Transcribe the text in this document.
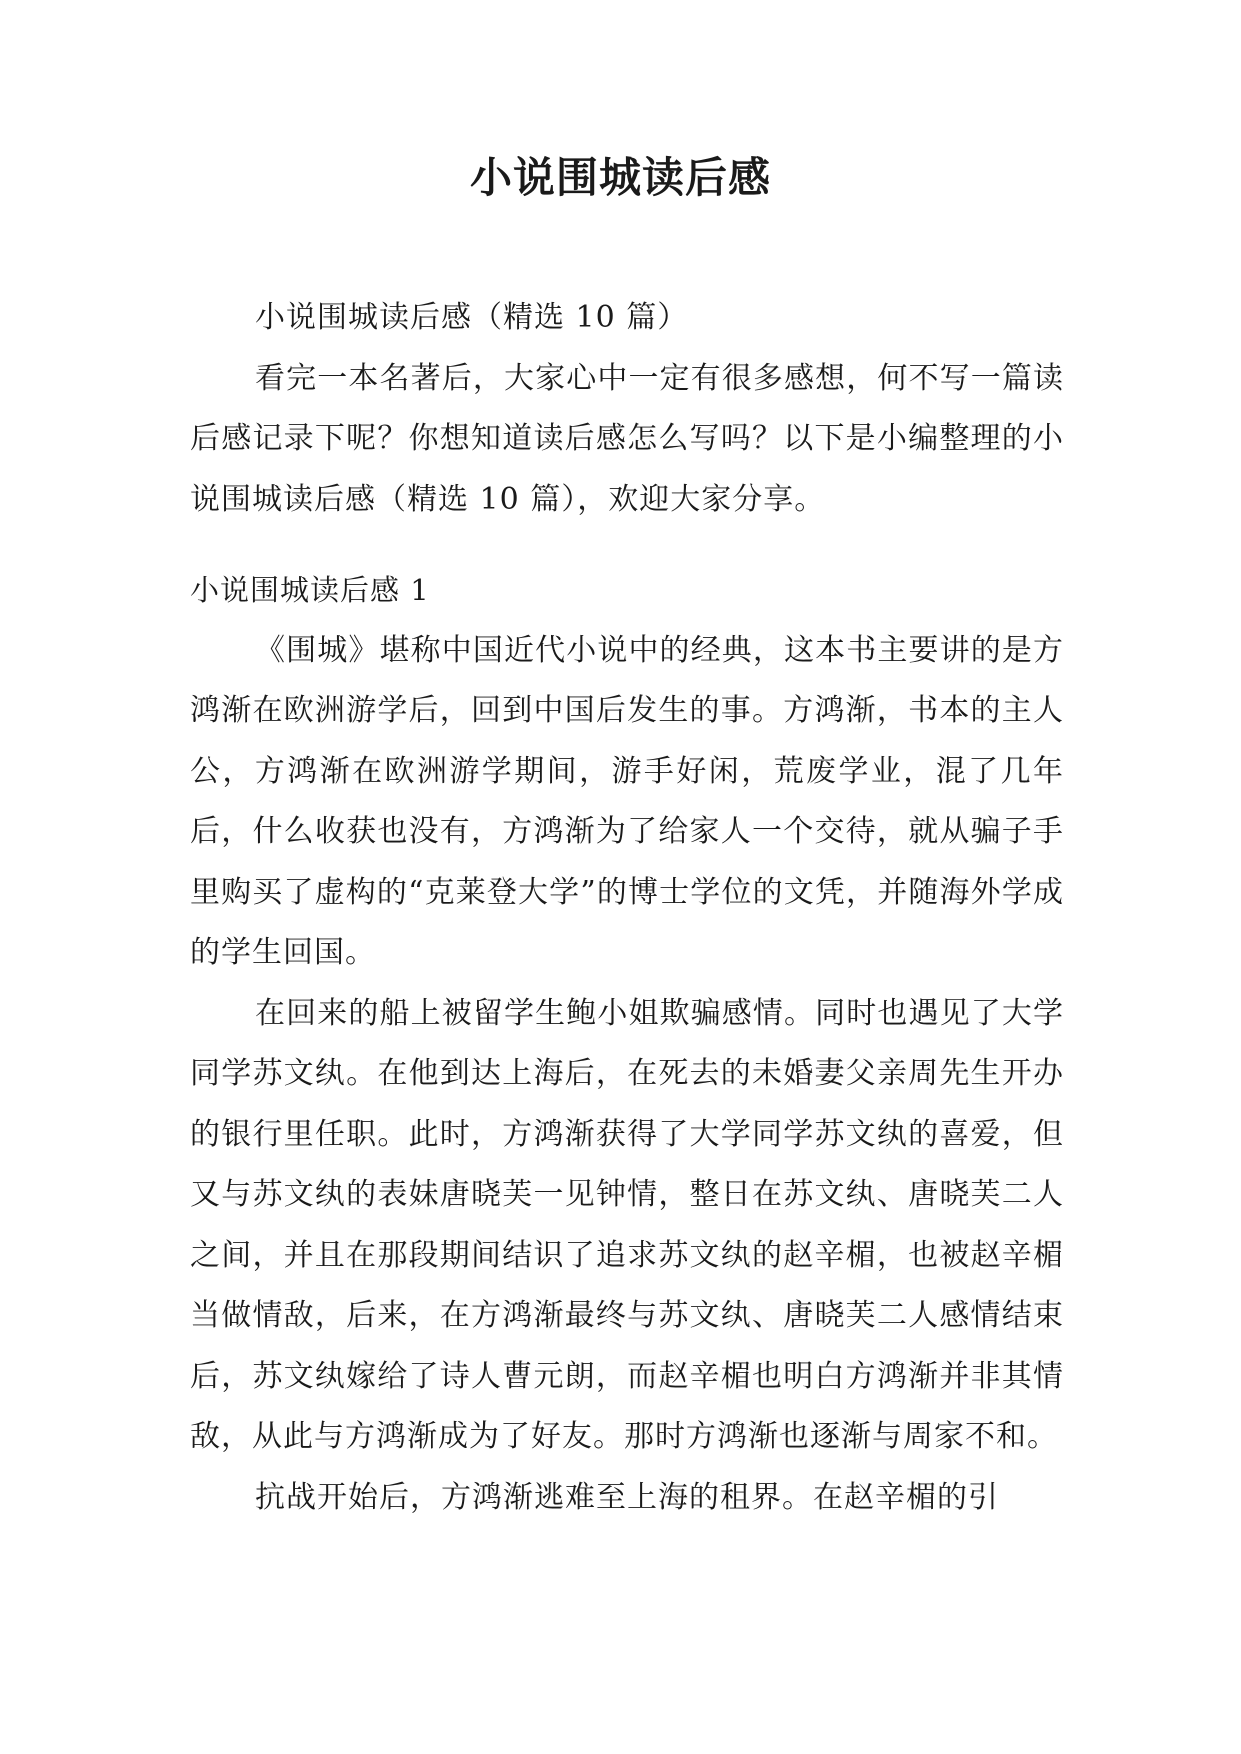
小说围城读后感

小说围城读后感（精选 10 篇）

看完一本名著后，大家心中一定有很多感想，何不写一篇读后感记录下呢？你想知道读后感怎么写吗？以下是小编整理的小说围城读后感（精选 10 篇），欢迎大家分享。

小说围城读后感 1

《围城》堪称中国近代小说中的经典，这本书主要讲的是方鸿渐在欧洲游学后，回到中国后发生的事。方鸿渐，书本的主人公，方鸿渐在欧洲游学期间，游手好闲，荒废学业，混了几年后，什么收获也没有，方鸿渐为了给家人一个交待，就从骗子手里购买了虚构的“克莱登大学”的博士学位的文凭，并随海外学成的学生回国。

在回来的船上被留学生鲍小姐欺骗感情。同时也遇见了大学同学苏文纨。在他到达上海后，在死去的未婚妻父亲周先生开办的银行里任职。此时，方鸿渐获得了大学同学苏文纨的喜爱，但又与苏文纨的表妹唐晓芙一见钟情，整日在苏文纨、唐晓芙二人之间，并且在那段期间结识了追求苏文纨的赵辛楣，也被赵辛楣当做情敌，后来，在方鸿渐最终与苏文纨、唐晓芙二人感情结束后，苏文纨嫁给了诗人曹元朗，而赵辛楣也明白方鸿渐并非其情敌，从此与方鸿渐成为了好友。那时方鸿渐也逐渐与周家不和。

抗战开始后，方鸿渐逃难至上海的租界。在赵辛楣的引
